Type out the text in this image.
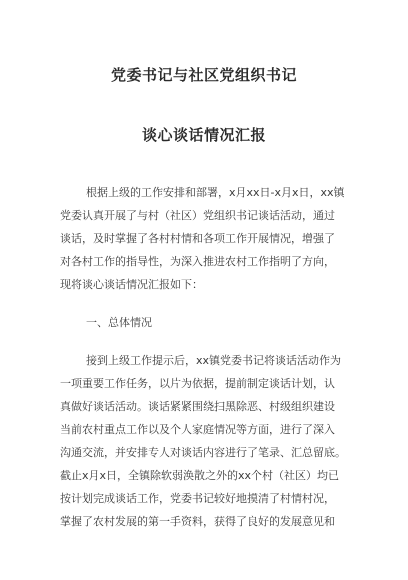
党委书记与社区党组织书记
谈心谈话情况汇报
根据上级的工作安排和部署，x月xx日-x月x日，xx镇
党委认真开展了与村（社区）党组织书记谈话活动，通过
谈话，及时掌握了各村村情和各项工作开展情况，增强了
对各村工作的指导性，为深入推进农村工作指明了方向，
现将谈心谈话情况汇报如下：
一、总体情况
接到上级工作提示后，xx镇党委书记将谈话活动作为
一项重要工作任务，以片为依据，提前制定谈话计划，认
真做好谈话活动。谈话紧紧围绕扫黑除恶、村级组织建设
当前农村重点工作以及个人家庭情况等方面，进行了深入
沟通交流，并安排专人对谈话内容进行了笔录、汇总留底。
截止x月x日，全镇除软弱涣散之外的xx个村（社区）均已
按计划完成谈话工作，党委书记较好地摸清了村情村况，
掌握了农村发展的第一手资料，获得了良好的发展意见和
